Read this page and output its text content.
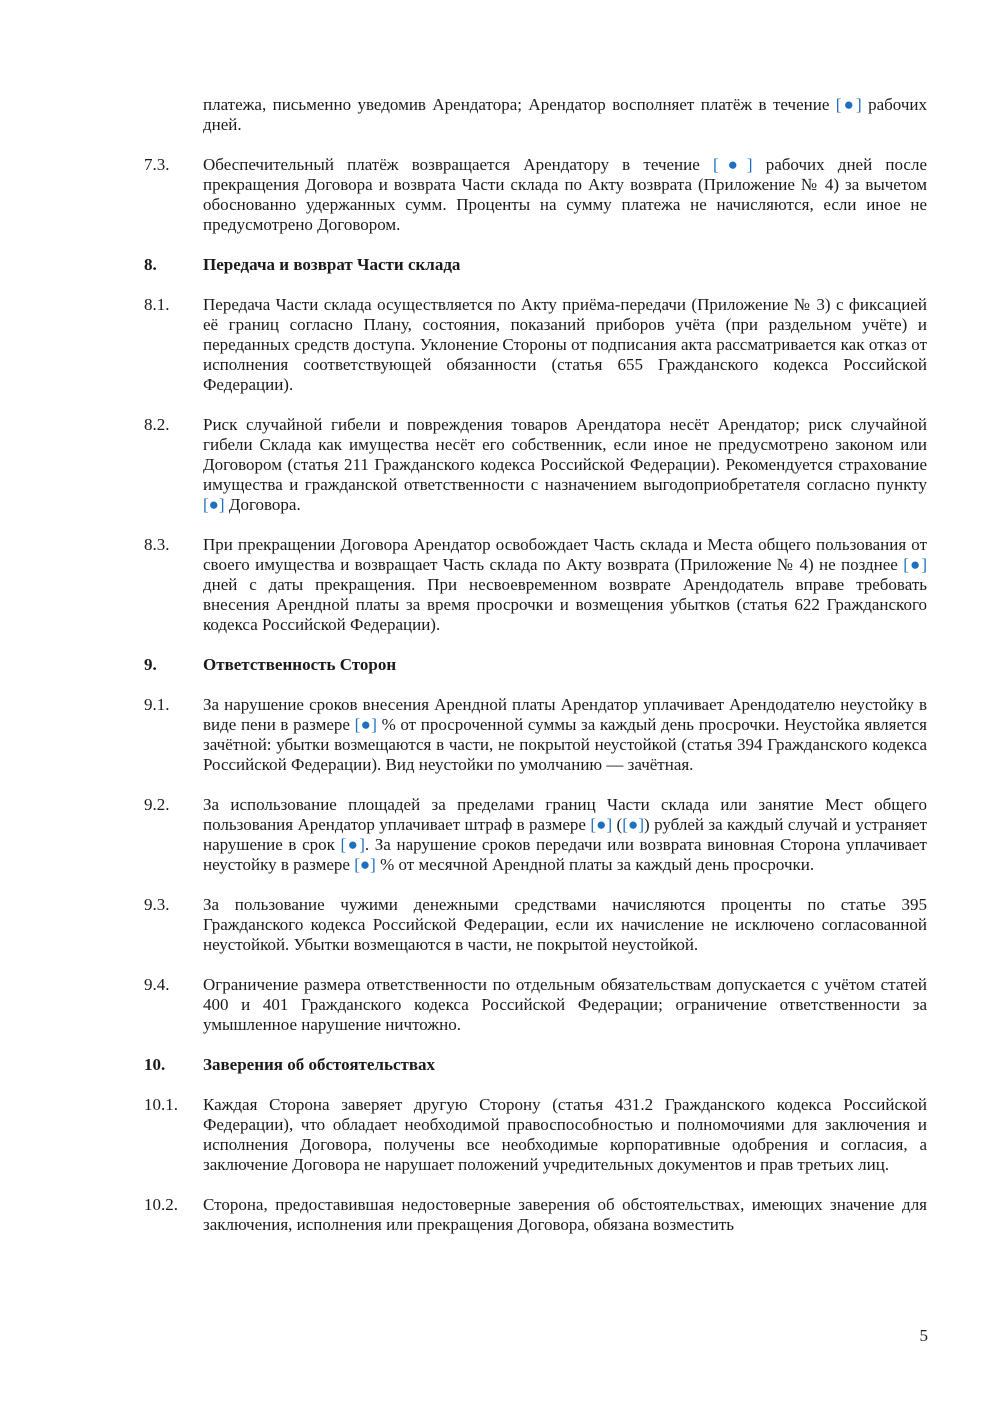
платежа, письменно уведомив Арендатора; Арендатор восполняет платёж в течение [●] рабочих дней.
7.3.	Обеспечительный платёж возвращается Арендатору в течение [●] рабочих дней после прекращения Договора и возврата Части склада по Акту возврата (Приложение № 4) за вычетом обоснованно удержанных сумм. Проценты на сумму платежа не начисляются, если иное не предусмотрено Договором.
8.	Передача и возврат Части склада
8.1.	Передача Части склада осуществляется по Акту приёма-передачи (Приложение № 3) с фиксацией её границ согласно Плану, состояния, показаний приборов учёта (при раздельном учёте) и переданных средств доступа. Уклонение Стороны от подписания акта рассматривается как отказ от исполнения соответствующей обязанности (статья 655 Гражданского кодекса Российской Федерации).
8.2.	Риск случайной гибели и повреждения товаров Арендатора несёт Арендатор; риск случайной гибели Склада как имущества несёт его собственник, если иное не предусмотрено законом или Договором (статья 211 Гражданского кодекса Российской Федерации). Рекомендуется страхование имущества и гражданской ответственности с назначением выгодоприобретателя согласно пункту [●] Договора.
8.3.	При прекращении Договора Арендатор освобождает Часть склада и Места общего пользования от своего имущества и возвращает Часть склада по Акту возврата (Приложение № 4) не позднее [●] дней с даты прекращения. При несвоевременном возврате Арендодатель вправе требовать внесения Арендной платы за время просрочки и возмещения убытков (статья 622 Гражданского кодекса Российской Федерации).
9.	Ответственность Сторон
9.1.	За нарушение сроков внесения Арендной платы Арендатор уплачивает Арендодателю неустойку в виде пени в размере [●] % от просроченной суммы за каждый день просрочки. Неустойка является зачётной: убытки возмещаются в части, не покрытой неустойкой (статья 394 Гражданского кодекса Российской Федерации). Вид неустойки по умолчанию — зачётная.
9.2.	За использование площадей за пределами границ Части склада или занятие Мест общего пользования Арендатор уплачивает штраф в размере [●] ([●]) рублей за каждый случай и устраняет нарушение в срок [●]. За нарушение сроков передачи или возврата виновная Сторона уплачивает неустойку в размере [●] % от месячной Арендной платы за каждый день просрочки.
9.3.	За пользование чужими денежными средствами начисляются проценты по статье 395 Гражданского кодекса Российской Федерации, если их начисление не исключено согласованной неустойкой. Убытки возмещаются в части, не покрытой неустойкой.
9.4.	Ограничение размера ответственности по отдельным обязательствам допускается с учётом статей 400 и 401 Гражданского кодекса Российской Федерации; ограничение ответственности за умышленное нарушение ничтожно.
10.	Заверения об обстоятельствах
10.1.	Каждая Сторона заверяет другую Сторону (статья 431.2 Гражданского кодекса Российской Федерации), что обладает необходимой правоспособностью и полномочиями для заключения и исполнения Договора, получены все необходимые корпоративные одобрения и согласия, а заключение Договора не нарушает положений учредительных документов и прав третьих лиц.
10.2.	Сторона, предоставившая недостоверные заверения об обстоятельствах, имеющих значение для заключения, исполнения или прекращения Договора, обязана возместить
5
